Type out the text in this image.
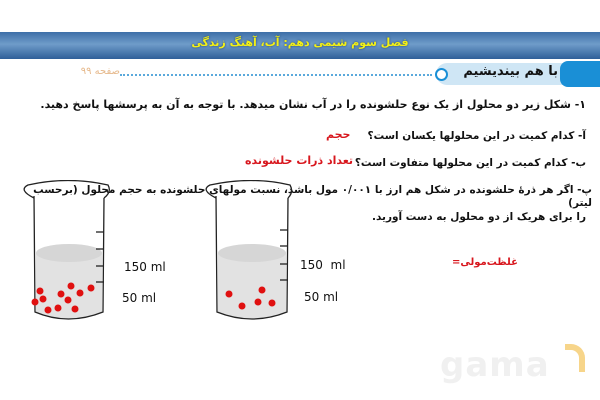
فصل سوم شیمی دهم: آب، آهنگ زندگی
با هم بیندیشیم
صفحه ۹۹
۱- شکل زیر دو محلول از یک نوع حلشونده را در آب نشان میدهد. با توجه به آن به پرسشها پاسخ دهید.
آ- کدام کمیت در این محلولها یکسان است؟
حجم
ب- کدام کمیت در این محلولها متفاوت است؟
تعداد ذرات حلشونده
پ- اگر هر ذرهٔ حلشونده در شکل هم ارز با ۰/۰۰۱ مول باشد، نسبت مولهای حلشونده به حجم محلول (برحسب لیتر)
را برای هریک از دو محلول به دست آورید.
غلظت‌مولی=
150 ml
50 ml
150  ml
50 ml
gama
